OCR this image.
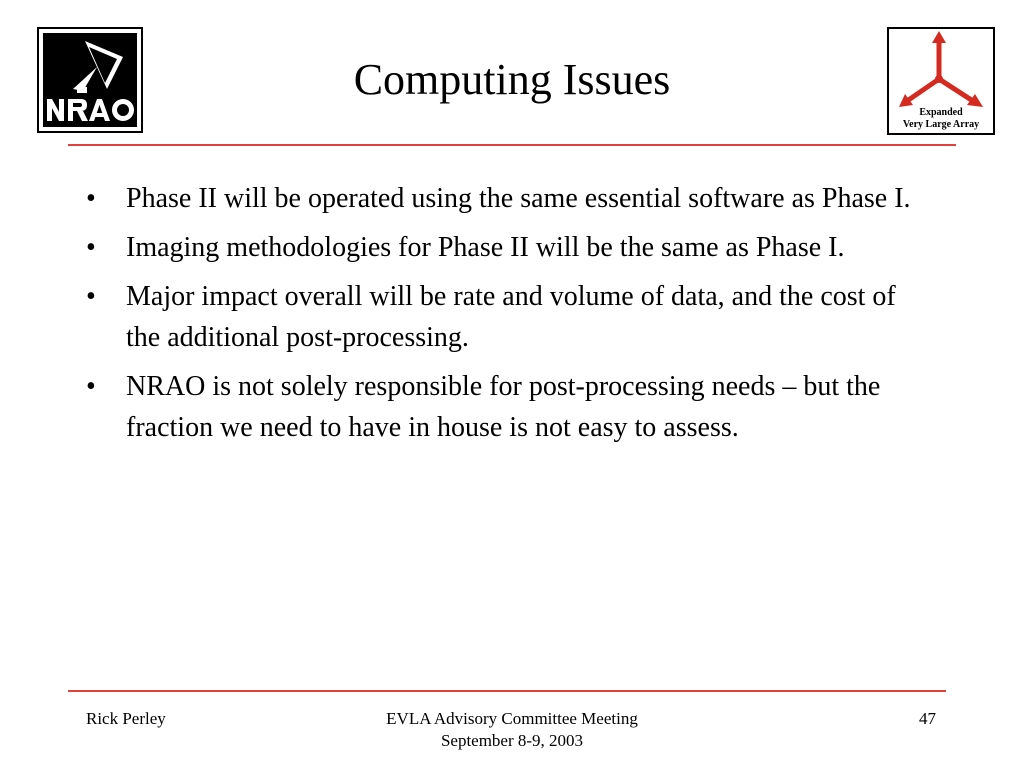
Computing Issues
Expanded
Very Large Array
•	Phase II will be operated using the same essential software as Phase I.
•	Imaging methodologies for Phase II will be the same as Phase I.
•	Major impact overall will be rate and volume of data, and the cost of the additional post-processing.
•	NRAO is not solely responsible for post-processing needs – but the fraction we need to have in house is not easy to assess.
Rick Perley	EVLA Advisory Committee Meeting
September 8-9, 2003
47
